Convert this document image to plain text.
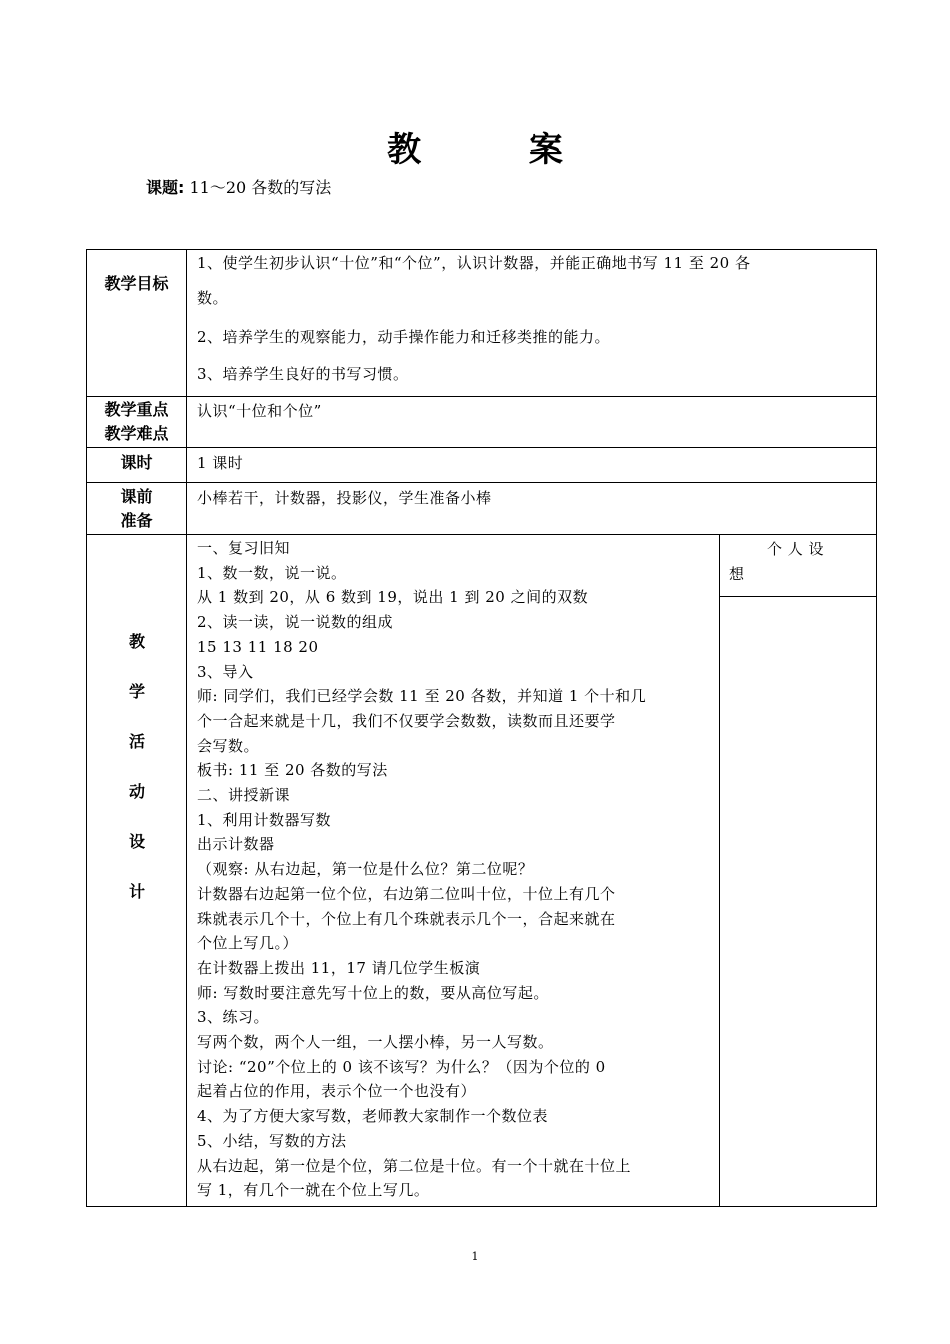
教 案
课题: 11～20 各数的写法
教学目标
1、使学生初步认识“十位”和“个位”，认识计数器，并能正确地书写 11 至 20 各
数。
2、培养学生的观察能力，动手操作能力和迁移类推的能力。
3、培养学生良好的书写习惯。
教学重点
教学难点
认识“十位和个位”
课时	1 课时
课前
准备
小棒若干，计数器，投影仪，学生准备小棒
教
学
活
动
设
计
个 人 设
想
一、复习旧知
1、数一数，说一说。
从 1 数到 20，从 6 数到 19，说出 1 到 20 之间的双数
2、读一读，说一说数的组成
15 13 11 18 20
3、导入
师: 同学们，我们已经学会数 11 至 20 各数，并知道 1 个十和几
个一合起来就是十几，我们不仅要学会数数，读数而且还要学
会写数。
板书: 11 至 20 各数的写法
二、讲授新课
1、利用计数器写数
出示计数器
（观察: 从右边起，第一位是什么位？第二位呢？
计数器右边起第一位个位，右边第二位叫十位，十位上有几个
珠就表示几个十，个位上有几个珠就表示几个一，合起来就在
个位上写几。）
在计数器上拨出 11，17 请几位学生板演
师: 写数时要注意先写十位上的数，要从高位写起。
3、练习。
写两个数，两个人一组，一人摆小棒，另一人写数。
讨论: “20”个位上的 0 该不该写？为什么？（因为个位的 0
起着占位的作用，表示个位一个也没有）
4、为了方便大家写数，老师教大家制作一个数位表
5、小结，写数的方法
从右边起，第一位是个位，第二位是十位。有一个十就在十位上
写 1，有几个一就在个位上写几。
1
